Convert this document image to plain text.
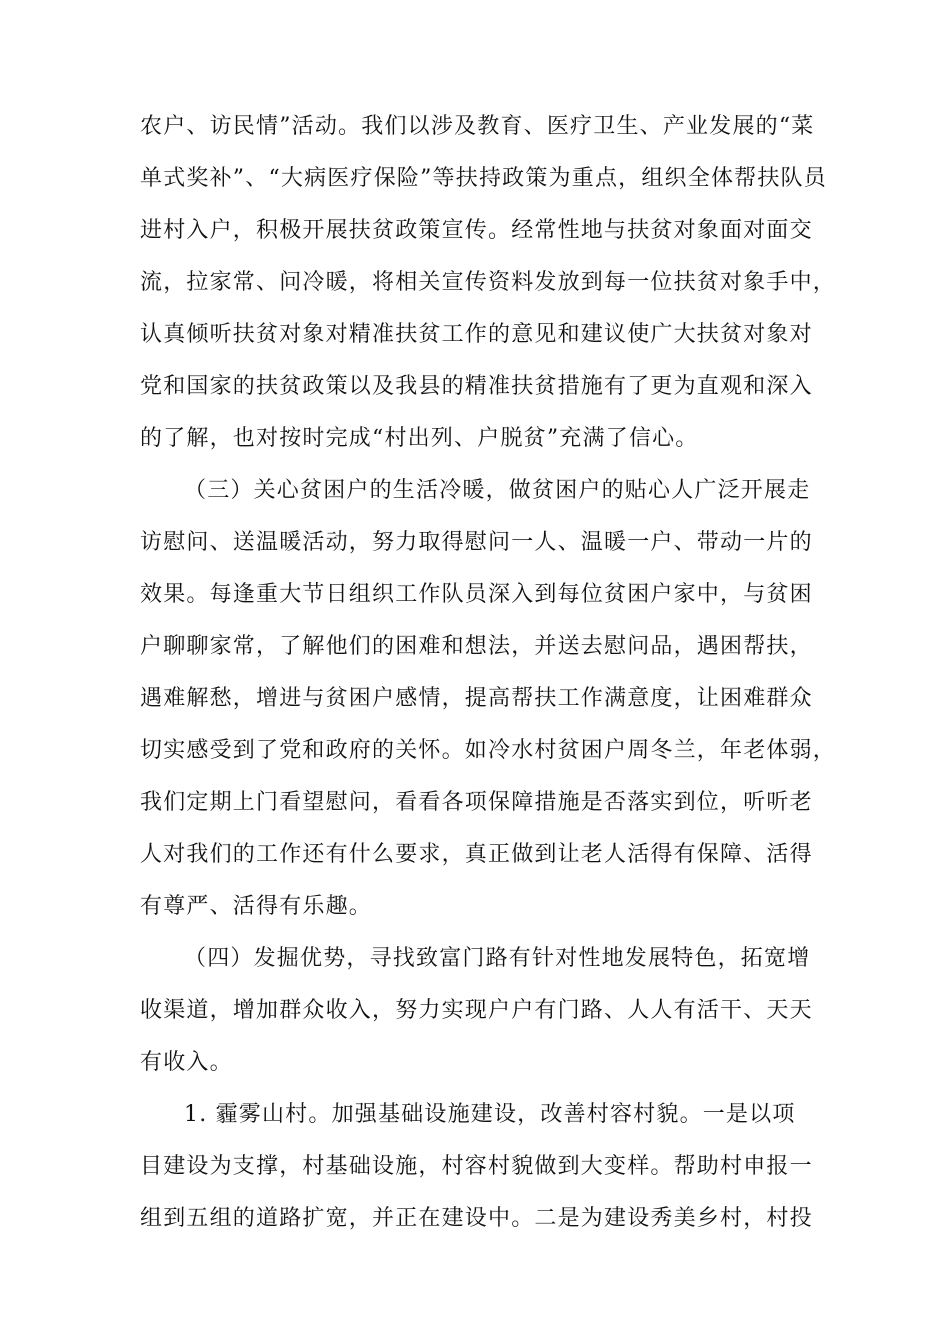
农户、访民情”活动。我们以涉及教育、医疗卫生、产业发展的“菜
单式奖补”、“大病医疗保险”等扶持政策为重点，组织全体帮扶队员
进村入户，积极开展扶贫政策宣传。经常性地与扶贫对象面对面交
流，拉家常、问冷暖，将相关宣传资料发放到每一位扶贫对象手中，
认真倾听扶贫对象对精准扶贫工作的意见和建议使广大扶贫对象对
党和国家的扶贫政策以及我县的精准扶贫措施有了更为直观和深入
的了解，也对按时完成“村出列、户脱贫”充满了信心。
（三）关心贫困户的生活冷暖，做贫困户的贴心人广泛开展走
访慰问、送温暖活动，努力取得慰问一人、温暖一户、带动一片的
效果。每逢重大节日组织工作队员深入到每位贫困户家中，与贫困
户聊聊家常，了解他们的困难和想法，并送去慰问品，遇困帮扶，
遇难解愁，增进与贫困户感情，提高帮扶工作满意度，让困难群众
切实感受到了党和政府的关怀。如冷水村贫困户周冬兰，年老体弱，
我们定期上门看望慰问，看看各项保障措施是否落实到位，听听老
人对我们的工作还有什么要求，真正做到让老人活得有保障、活得
有尊严、活得有乐趣。
（四）发掘优势，寻找致富门路有针对性地发展特色，拓宽增
收渠道，增加群众收入，努力实现户户有门路、人人有活干、天天
有收入。
1. 霾雾山村。加强基础设施建设，改善村容村貌。一是以项
目建设为支撑，村基础设施，村容村貌做到大变样。帮助村申报一
组到五组的道路扩宽，并正在建设中。二是为建设秀美乡村，村投
